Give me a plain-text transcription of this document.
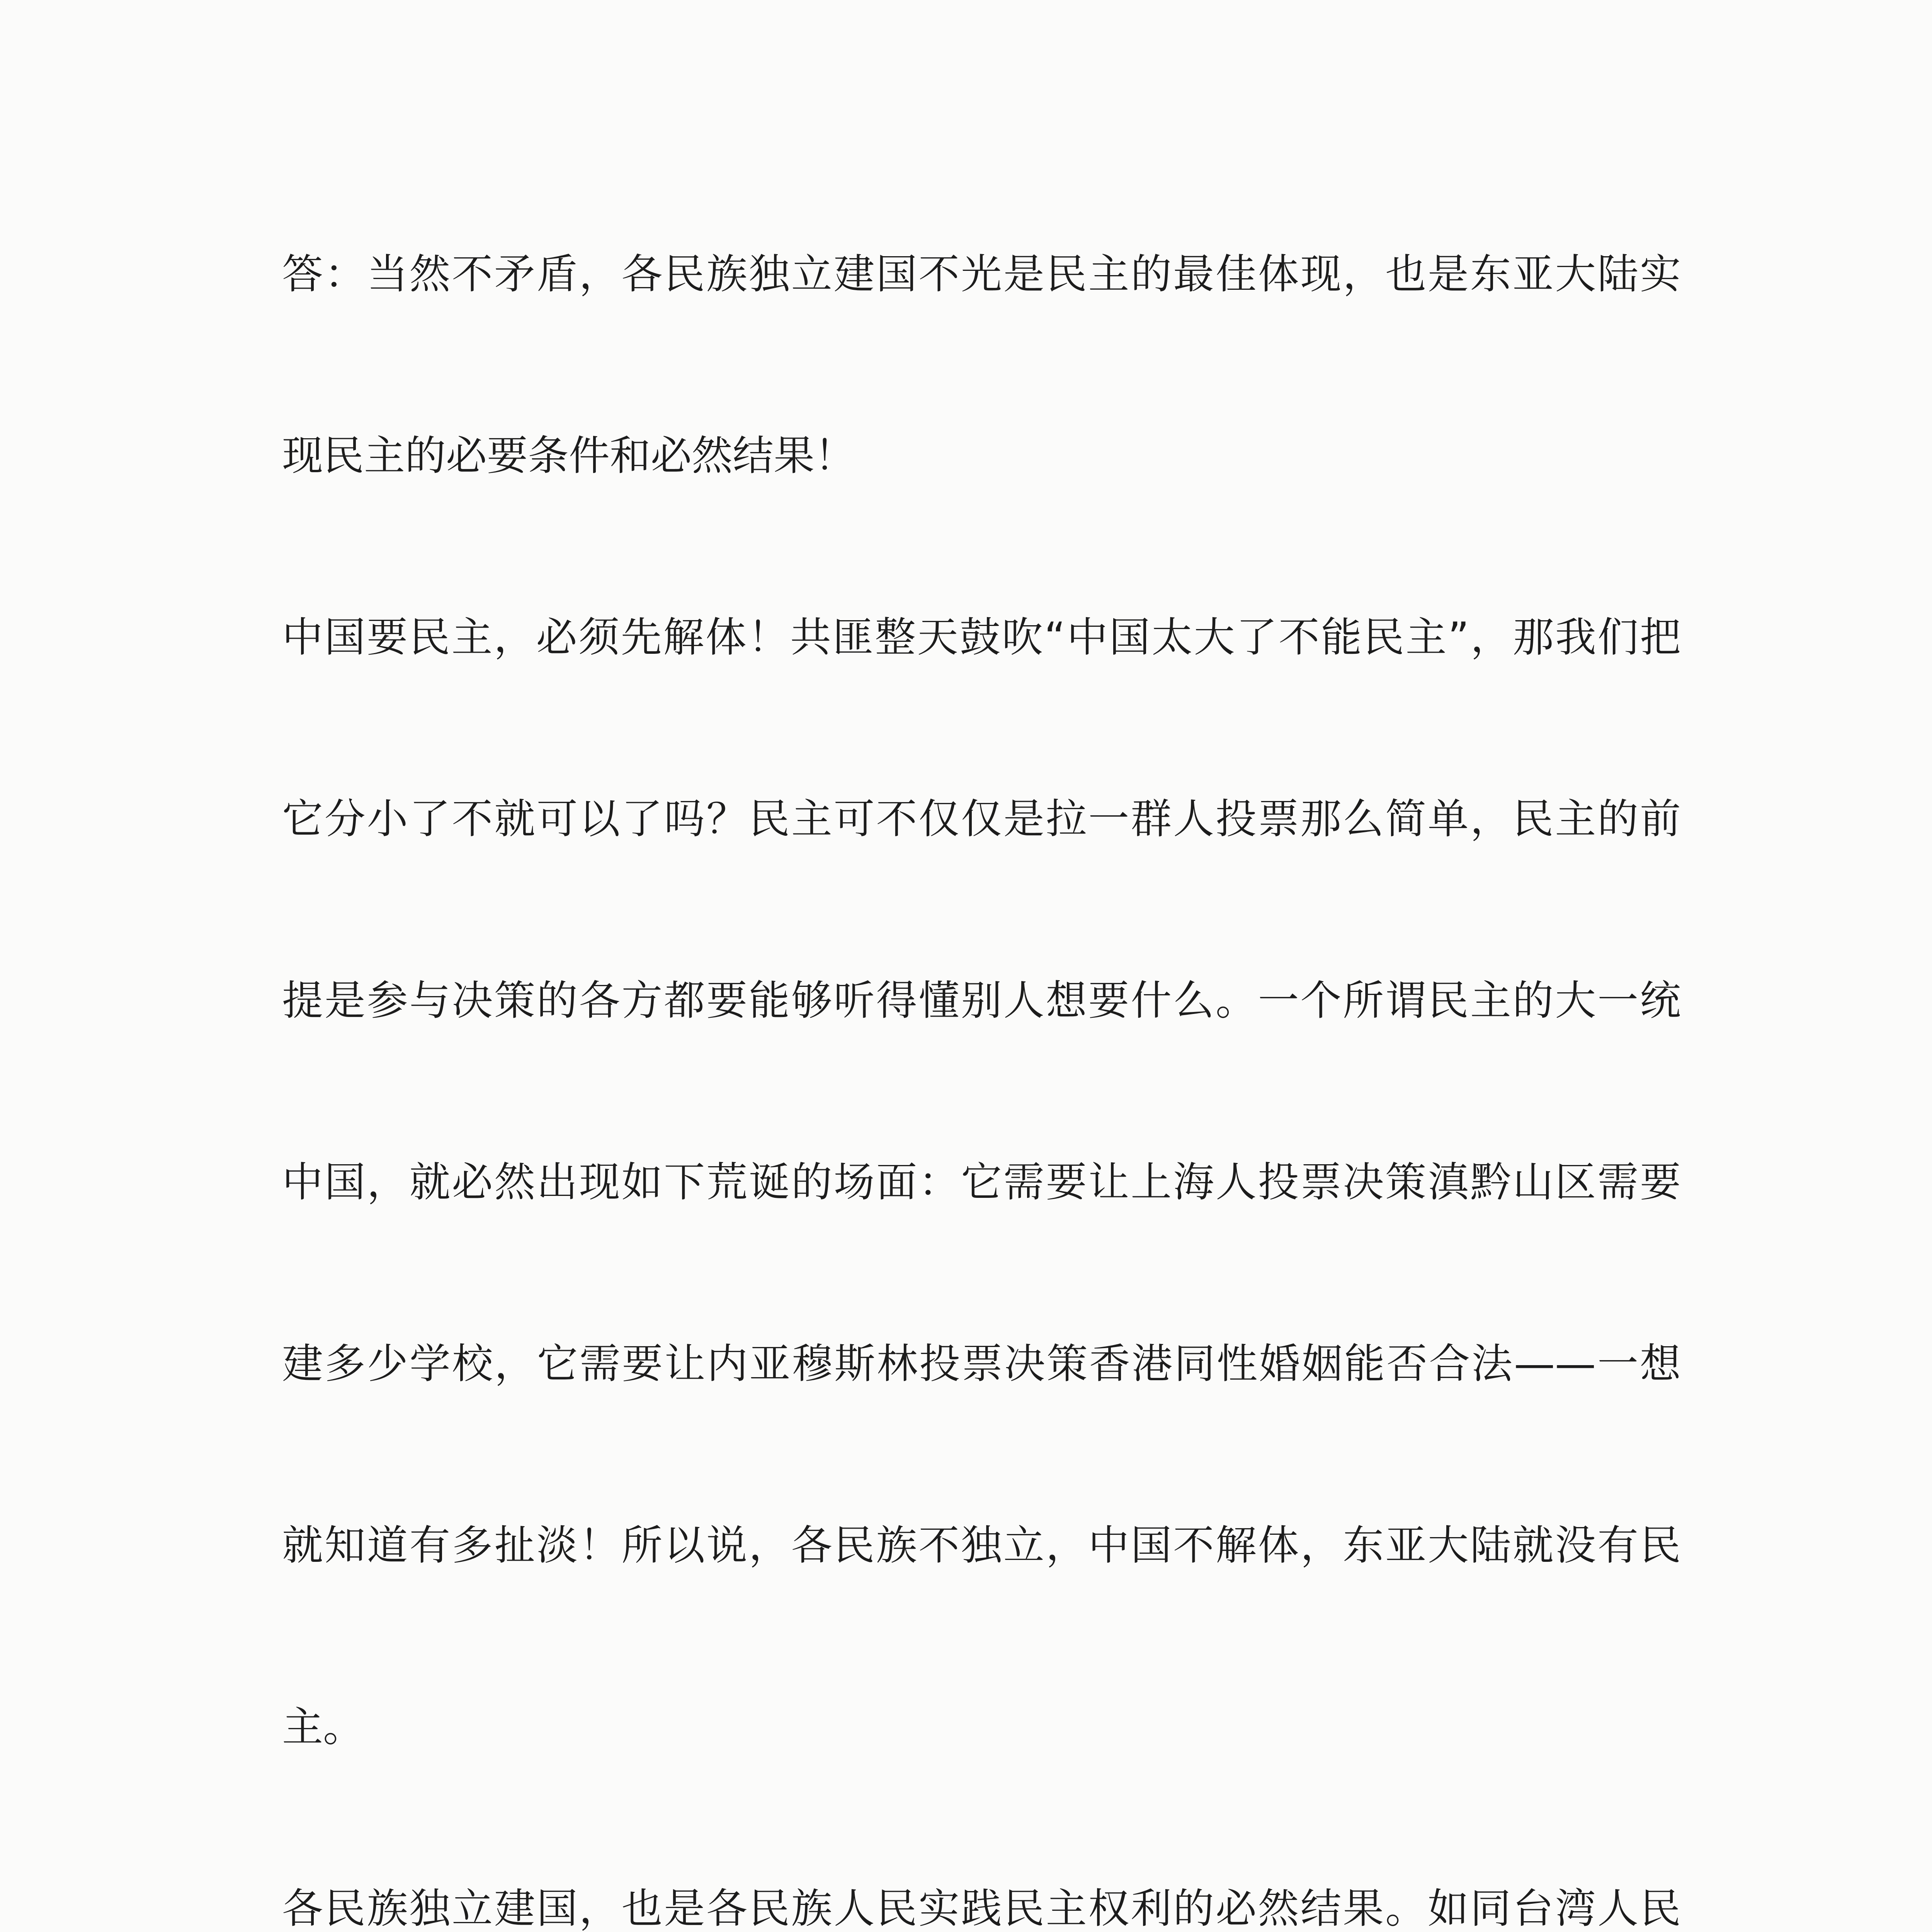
答：当然不矛盾，各民族独立建国不光是民主的最佳体现，也是东亚大陆实
现民主的必要条件和必然结果！
中国要民主，必须先解体！共匪整天鼓吹“中国太大了不能民主”，那我们把
它分小了不就可以了吗？民主可不仅仅是拉一群人投票那么简单，民主的前
提是参与决策的各方都要能够听得懂别人想要什么。一个所谓民主的大一统
中国，就必然出现如下荒诞的场面：它需要让上海人投票决策滇黔山区需要
建多少学校，它需要让内亚穆斯林投票决策香港同性婚姻能否合法——一想
就知道有多扯淡！所以说，各民族不独立，中国不解体，东亚大陆就没有民
主。
各民族独立建国，也是各民族人民实践民主权利的必然结果。如同台湾人民
